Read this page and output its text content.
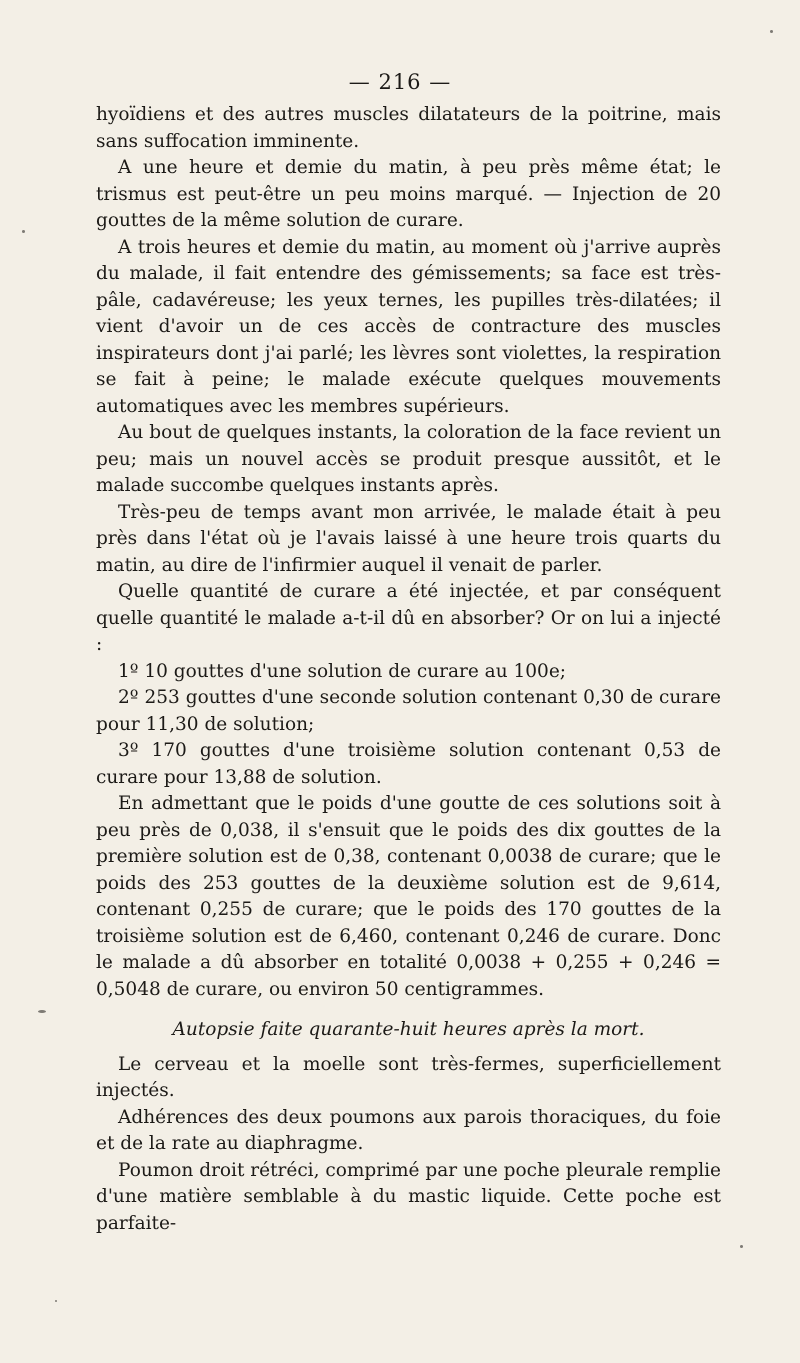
— 216 —

hyoïdiens et des autres muscles dilatateurs de la poitrine, mais sans suffocation imminente.

A une heure et demie du matin, à peu près même état; le trismus est peut-être un peu moins marqué. — Injection de 20 gouttes de la même solution de curare.

A trois heures et demie du matin, au moment où j'arrive auprès du malade, il fait entendre des gémissements; sa face est très-pâle, cadavéreuse; les yeux ternes, les pupilles très-dilatées; il vient d'avoir un de ces accès de contracture des muscles inspirateurs dont j'ai parlé; les lèvres sont violettes, la respiration se fait à peine; le malade exécute quelques mouvements automatiques avec les membres supérieurs.

Au bout de quelques instants, la coloration de la face revient un peu; mais un nouvel accès se produit presque aussitôt, et le malade succombe quelques instants après.

Très-peu de temps avant mon arrivée, le malade était à peu près dans l'état où je l'avais laissé à une heure trois quarts du matin, au dire de l'infirmier auquel il venait de parler.

Quelle quantité de curare a été injectée, et par conséquent quelle quantité le malade a-t-il dû en absorber? Or on lui a injecté :

1º 10 gouttes d'une solution de curare au 100e;

2º 253 gouttes d'une seconde solution contenant 0,30 de curare pour 11,30 de solution;

3º 170 gouttes d'une troisième solution contenant 0,53 de curare pour 13,88 de solution.

En admettant que le poids d'une goutte de ces solutions soit à peu près de 0,038, il s'ensuit que le poids des dix gouttes de la première solution est de 0,38, contenant 0,0038 de curare; que le poids des 253 gouttes de la deuxième solution est de 9,614, contenant 0,255 de curare; que le poids des 170 gouttes de la troisième solution est de 6,460, contenant 0,246 de curare. Donc le malade a dû absorber en totalité 0,0038 + 0,255 + 0,246 = 0,5048 de curare, ou environ 50 centigrammes.

Autopsie faite quarante-huit heures après la mort.

Le cerveau et la moelle sont très-fermes, superficiellement injectés.

Adhérences des deux poumons aux parois thoraciques, du foie et de la rate au diaphragme.

Poumon droit rétréci, comprimé par une poche pleurale remplie d'une matière semblable à du mastic liquide. Cette poche est parfaite-
